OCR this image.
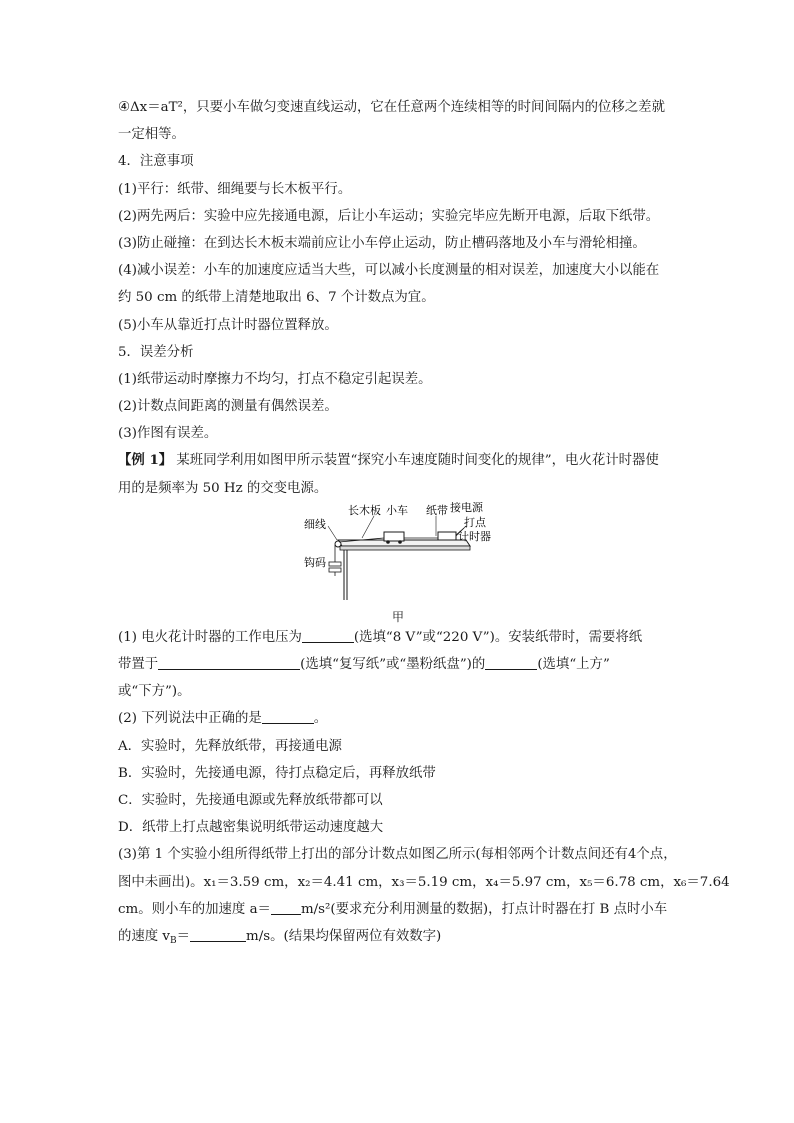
④Δx＝aT²，只要小车做匀变速直线运动，它在任意两个连续相等的时间间隔内的位移之差就
一定相等。
4．注意事项
(1)平行：纸带、细绳要与长木板平行。
(2)两先两后：实验中应先接通电源，后让小车运动；实验完毕应先断开电源，后取下纸带。
(3)防止碰撞：在到达长木板末端前应让小车停止运动，防止槽码落地及小车与滑轮相撞。
(4)减小误差：小车的加速度应适当大些，可以减小长度测量的相对误差，加速度大小以能在
约 50 cm 的纸带上清楚地取出 6、7 个计数点为宜。
(5)小车从靠近打点计时器位置释放。
5．误差分析
(1)纸带运动时摩擦力不均匀，打点不稳定引起误差。
(2)计数点间距离的测量有偶然误差。
(3)作图有误差。
【例 1】 某班同学利用如图甲所示装置“探究小车速度随时间变化的规律”，电火花计时器使
用的是频率为 50 Hz 的交变电源。
长木板 小车 纸带 接电源
打点
计时器
细线
钩码
甲
(1) 电火花计时器的工作电压为	(选填“8 V”或“220 V”)。安装纸带时，需要将纸
带置于	(选填“复写纸”或“墨粉纸盘”)的	(选填“上方”
或“下方”)。
(2) 下列说法中正确的是	。
A．实验时，先释放纸带，再接通电源
B．实验时，先接通电源，待打点稳定后，再释放纸带
C．实验时，先接通电源或先释放纸带都可以
D．纸带上打点越密集说明纸带运动速度越大
(3)第 1 个实验小组所得纸带上打出的部分计数点如图乙所示(每相邻两个计数点间还有4个点，
图中未画出)。x₁＝3.59 cm，x₂＝4.41 cm，x₃＝5.19 cm，x₄＝5.97 cm，x₅＝6.78 cm，x₆＝7.64
cm。则小车的加速度 a＝ m/s²(要求充分利用测量的数据)，打点计时器在打 B 点时小车
的速度 $v_B=$	m/s。(结果均保留两位有效数字)
